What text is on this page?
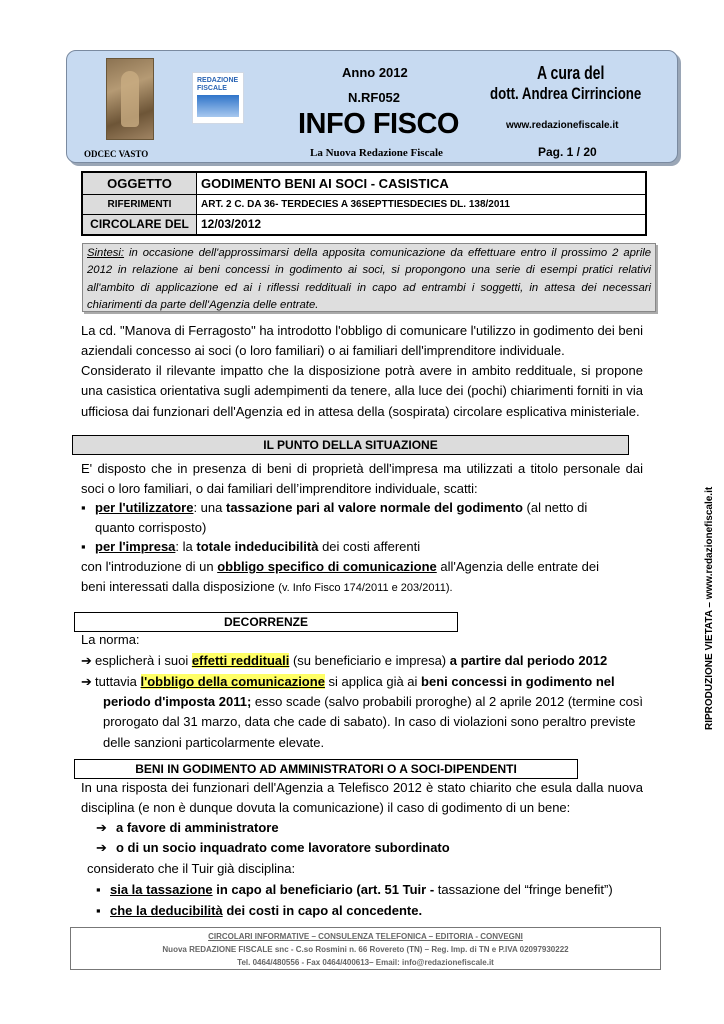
REDAZIONE FISCALE
ODCEC VASTO
Anno 2012
N.RF052
INFO FISCO
La Nuova Redazione Fiscale
A cura del
dott. Andrea Cirrincione
www.redazionefiscale.it
Pag. 1 / 20
OGGETTO	GODIMENTO BENI AI SOCI - CASISTICA
RIFERIMENTI	ART. 2 C. DA 36- TERDECIES A 36SEPTTIESDECIES DL. 138/2011
CIRCOLARE DEL	12/03/2012
Sintesi: in occasione dell'approssimarsi della apposita comunicazione da effettuare entro il prossimo 2 aprile 2012 in relazione ai beni concessi in godimento ai soci, si propongono una serie di esempi pratici relativi all'ambito di applicazione ed ai i riflessi reddituali in capo ad entrambi i soggetti, in attesa dei necessari chiarimenti da parte dell'Agenzia delle entrate.
La cd. "Manova di Ferragosto" ha introdotto l'obbligo di comunicare l'utilizzo in godimento dei beni aziendali concesso ai soci (o loro familiari) o ai familiari dell'imprenditore individuale.
Considerato il rilevante impatto che la disposizione potrà avere in ambito reddituale, si propone una casistica orientativa sugli adempimenti da tenere, alla luce dei (pochi) chiarimenti forniti in via ufficiosa dai funzionari dell'Agenzia ed in attesa della (sospirata) circolare esplicativa ministeriale.
IL PUNTO DELLA SITUAZIONE
E' disposto che in presenza di beni di proprietà dell'impresa ma utilizzati a titolo personale dai soci o loro familiari, o dai familiari dell’imprenditore individuale, scatti:
▪ per l'utilizzatore: una tassazione pari al valore normale del godimento (al netto di
quanto corrisposto)
▪ per l'impresa: la totale indeducibilità dei costi afferenti
con l'introduzione di un obbligo specifico di comunicazione all'Agenzia delle entrate dei
beni interessati dalla disposizione (v. Info Fisco 174/2011 e 203/2011).
DECORRENZE
La norma:
➔ esplicherà i suoi effetti reddituali (su beneficiario e impresa) a partire dal periodo 2012
➔ tuttavia l'obbligo della comunicazione si applica già ai beni concessi in godimento nel
periodo d'imposta 2011; esso scade (salvo probabili proroghe) al 2 aprile 2012 (termine così
prorogato dal 31 marzo, data che cade di sabato). In caso di violazioni sono peraltro previste
delle sanzioni particolarmente elevate.
BENI IN GODIMENTO AD AMMINISTRATORI O A SOCI-DIPENDENTI
In una risposta dei funzionari dell'Agenzia a Telefisco 2012 è stato chiarito che esula dalla nuova disciplina (e non è dunque dovuta la comunicazione) il caso di godimento di un bene:
➔ a favore di amministratore
➔ o di un socio inquadrato come lavoratore subordinato
considerato che il Tuir già disciplina:
▪ sia la tassazione in capo al beneficiario (art. 51 Tuir - tassazione del “fringe benefit”)
▪ che la deducibilità dei costi in capo al concedente.
RIPRODUZIONE VIETATA – www.redazionefiscale.it
CIRCOLARI INFORMATIVE – CONSULENZA TELEFONICA – EDITORIA - CONVEGNI
Nuova REDAZIONE FISCALE snc - C.so Rosmini n. 66 Rovereto (TN) – Reg. Imp. di TN e P.IVA 02097930222
Tel. 0464/480556 - Fax 0464/400613– Email: info@redazionefiscale.it
